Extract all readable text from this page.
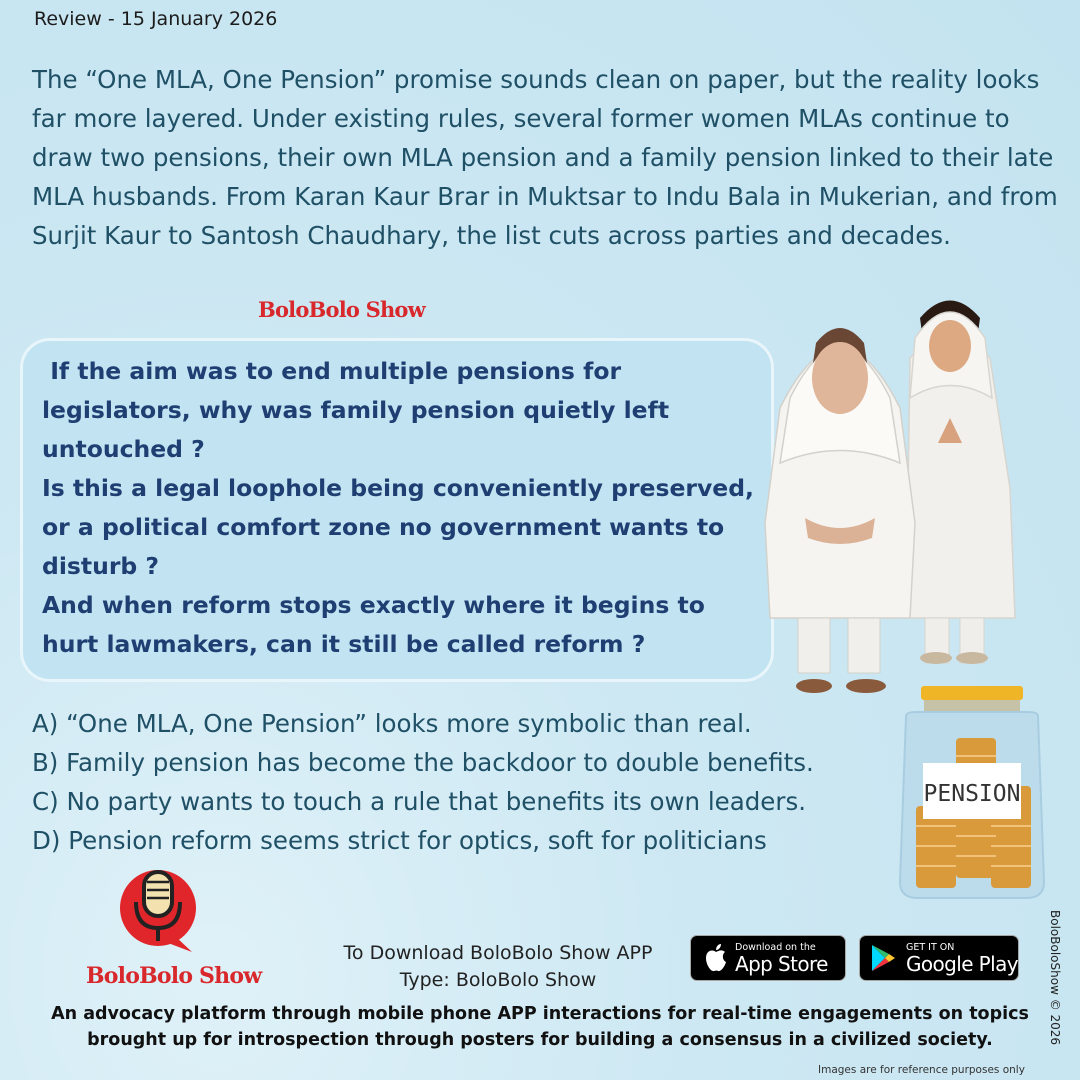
Review - 15 January 2026
The “One MLA, One Pension” promise sounds clean on paper, but the reality looks far more layered. Under existing rules, several former women MLAs continue to draw two pensions, their own MLA pension and a family pension linked to their late MLA husbands. From Karan Kaur Brar in Muktsar to Indu Bala in Mukerian, and from Surjit Kaur to Santosh Chaudhary, the list cuts across parties and decades.
BoloBolo Show
If the aim was to end multiple pensions for legislators, why was family pension quietly left untouched ?
Is this a legal loophole being conveniently preserved, or a political comfort zone no government wants to disturb ?
And when reform stops exactly where it begins to hurt lawmakers, can it still be called reform ?
A) “One MLA, One Pension” looks more symbolic than real.
B) Family pension has become the backdoor to double benefits.
C) No party wants to touch a rule that benefits its own leaders.
D) Pension reform seems strict for optics, soft for politicians
PENSION
BoloBolo Show
To Download BoloBolo Show APP
Type: BoloBolo Show
Download on the
App Store
GET IT ON
Google Play
An advocacy platform through mobile phone APP interactions for real-time engagements on topics
brought up for introspection through posters for building a consensus in a civilized society.	BoloBoloShow © 2026
Images are for reference purposes only
